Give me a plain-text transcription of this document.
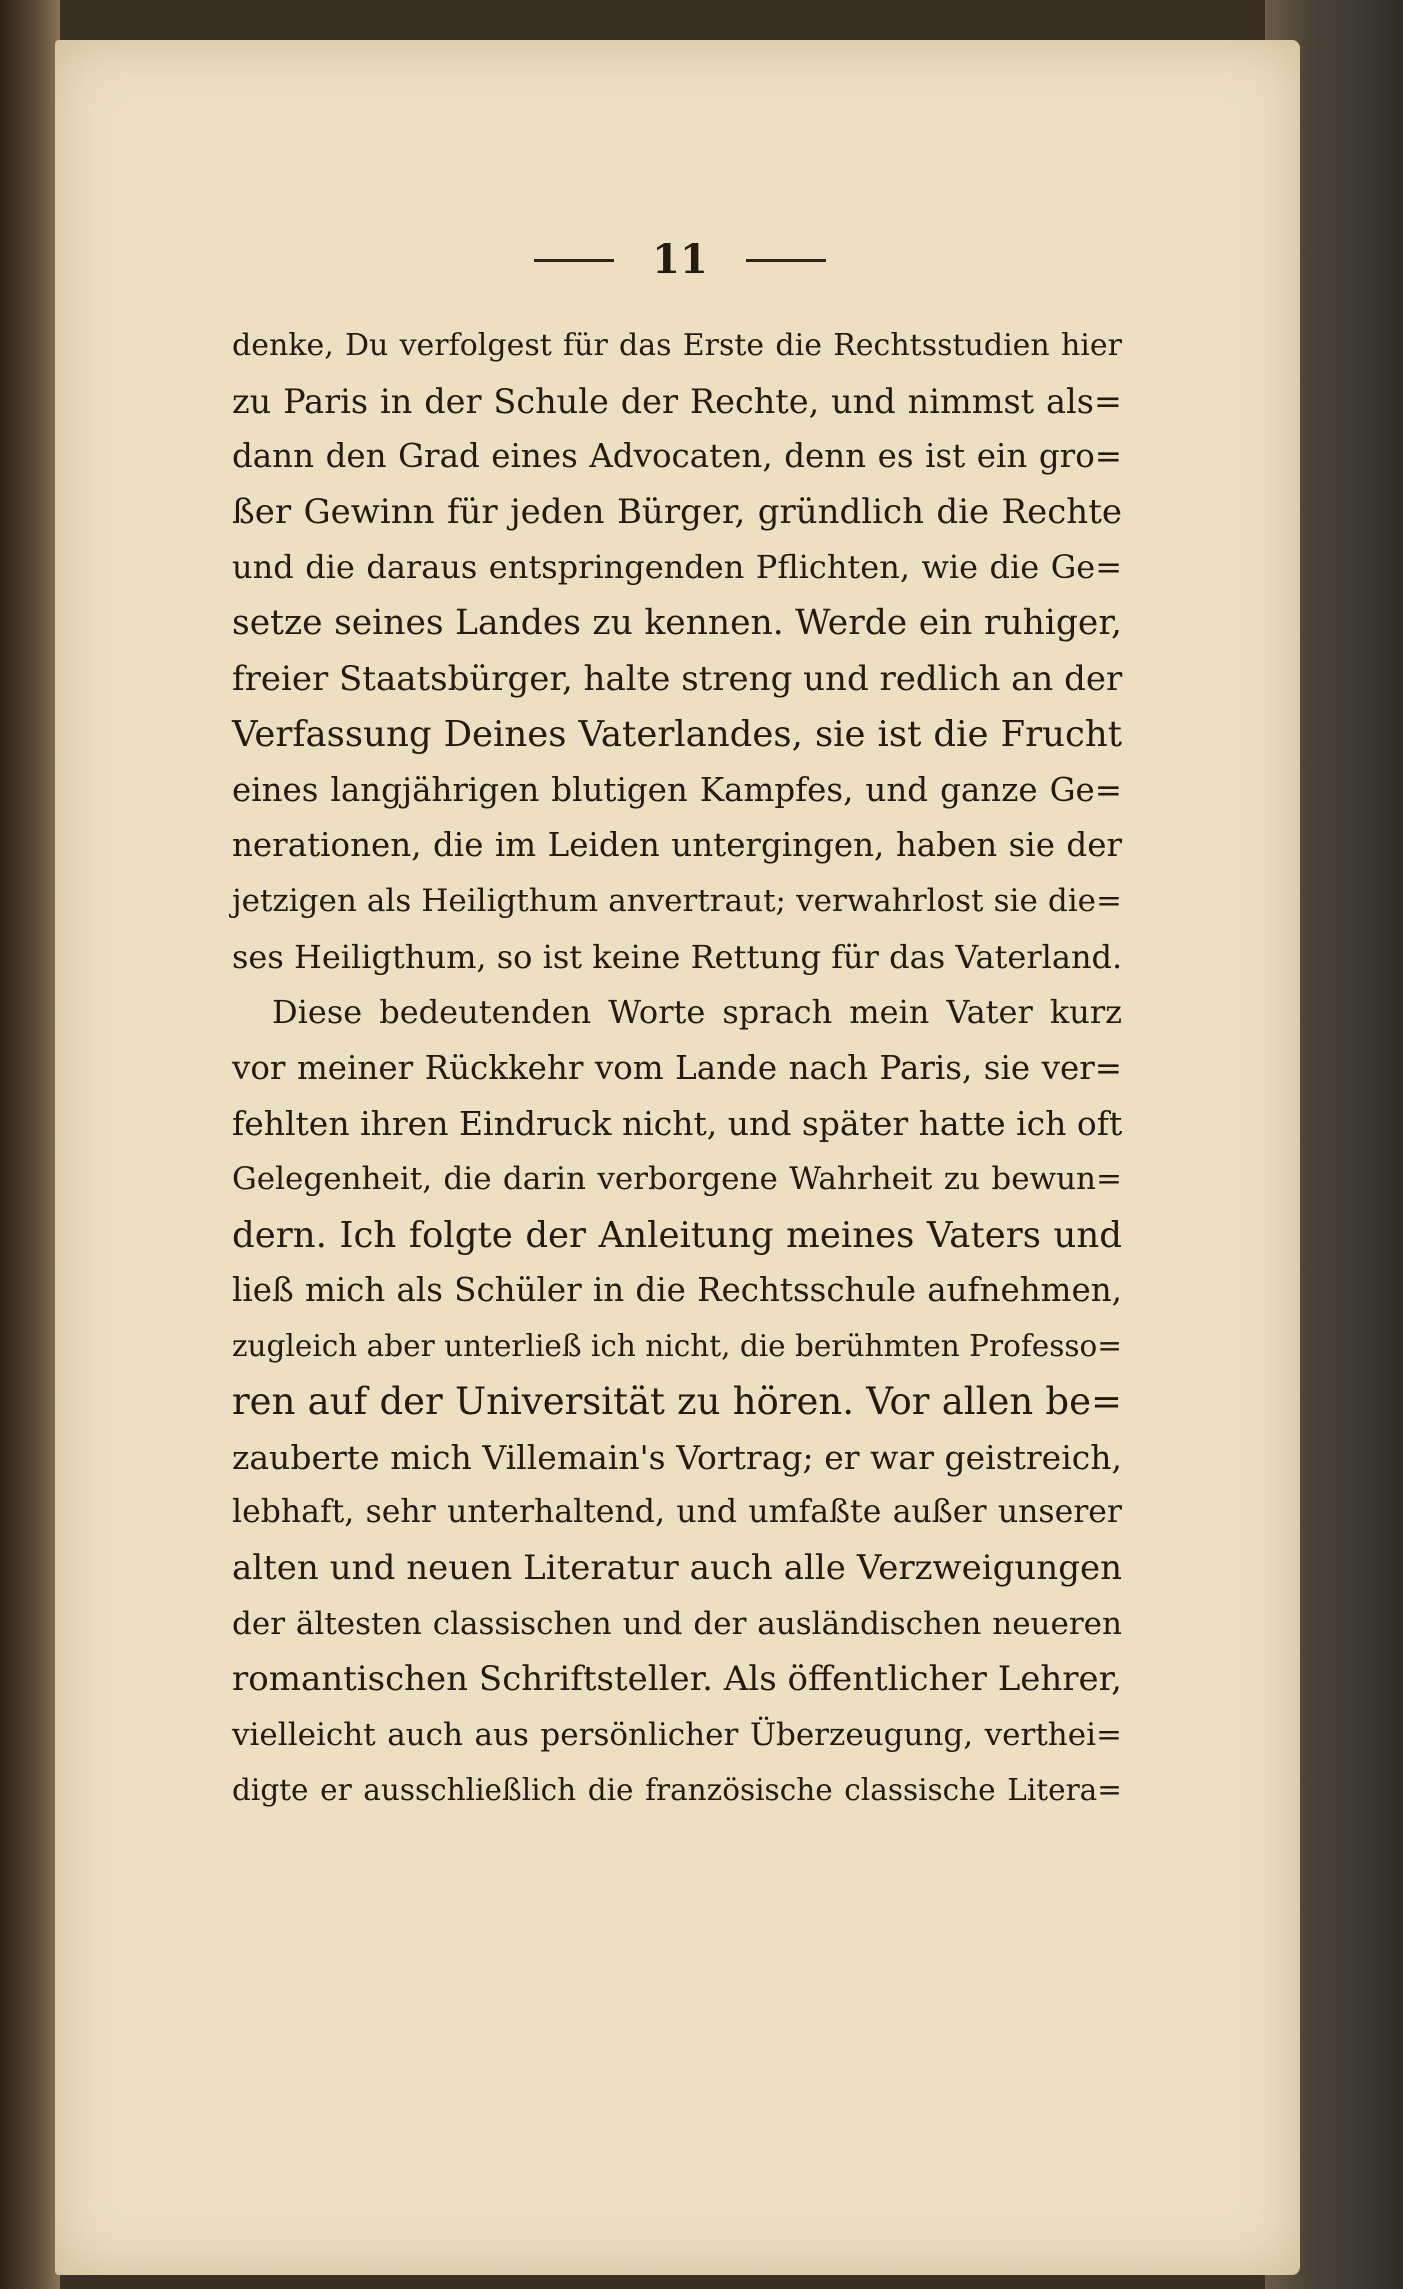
11
denke, Du verfolgest für das Erste die Rechtsstudien hier
zu Paris in der Schule der Rechte, und nimmst als=
dann den Grad eines Advocaten, denn es ist ein gro=
ßer Gewinn für jeden Bürger, gründlich die Rechte
und die daraus entspringenden Pflichten, wie die Ge=
setze seines Landes zu kennen. Werde ein ruhiger,
freier Staatsbürger, halte streng und redlich an der
Verfassung Deines Vaterlandes, sie ist die Frucht
eines langjährigen blutigen Kampfes, und ganze Ge=
nerationen, die im Leiden untergingen, haben sie der
jetzigen als Heiligthum anvertraut; verwahrlost sie die=
ses Heiligthum, so ist keine Rettung für das Vaterland.
Diese bedeutenden Worte sprach mein Vater kurz
vor meiner Rückkehr vom Lande nach Paris, sie ver=
fehlten ihren Eindruck nicht, und später hatte ich oft
Gelegenheit, die darin verborgene Wahrheit zu bewun=
dern. Ich folgte der Anleitung meines Vaters und
ließ mich als Schüler in die Rechtsschule aufnehmen,
zugleich aber unterließ ich nicht, die berühmten Professo=
ren auf der Universität zu hören. Vor allen be=
zauberte mich Villemain's Vortrag; er war geistreich,
lebhaft, sehr unterhaltend, und umfaßte außer unserer
alten und neuen Literatur auch alle Verzweigungen
der ältesten classischen und der ausländischen neueren
romantischen Schriftsteller. Als öffentlicher Lehrer,
vielleicht auch aus persönlicher Überzeugung, verthei=
digte er ausschließlich die französische classische Litera=
